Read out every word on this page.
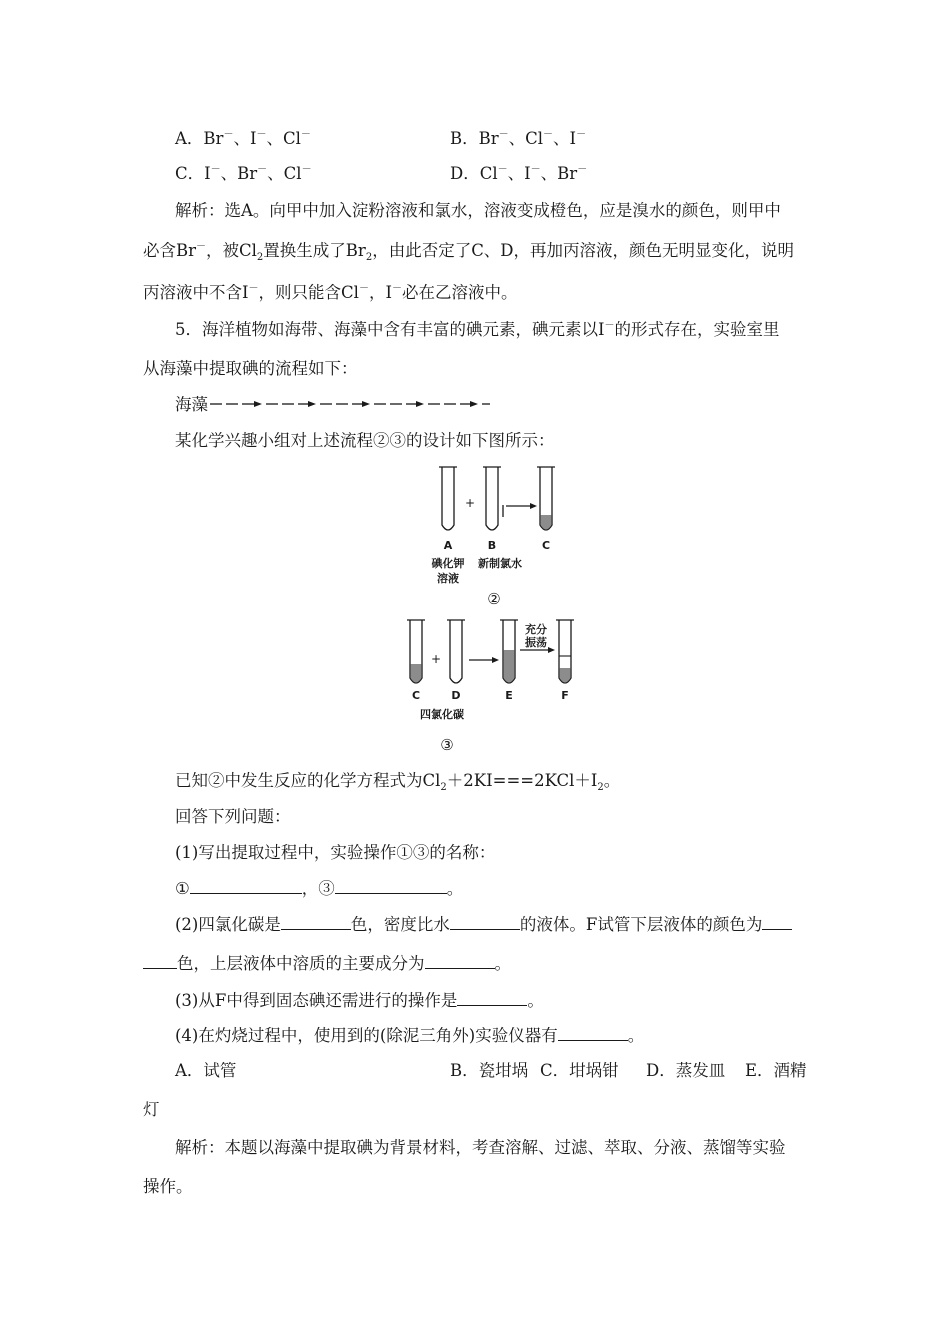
A．Br－、I－、Cl－	B．Br－、Cl－、I－
C．I－、Br－、Cl－	D．Cl－、I－、Br－
解析：选A。向甲中加入淀粉溶液和氯水，溶液变成橙色，应是溴水的颜色，则甲中
必含Br－，被$Cl_2$置换生成了$Br_2$，由此否定了C、D，再加丙溶液，颜色无明显变化，说明
丙溶液中不含I－，则只能含Cl－，I－必在乙溶液中。
5．海洋植物如海带、海藻中含有丰富的碘元素，碘元素以I－的形式存在，实验室里
从海藻中提取碘的流程如下：
海藻
某化学兴趣小组对上述流程②③的设计如下图所示：
+
A	B	C
碘化钾
溶液
新制氯水
②
+
充分
振荡
C	D	E	F
四氯化碳
③
已知②中发生反应的化学方程式为$Cl_2+2KI===2KCl+I_2$。
回答下列问题：
(1)写出提取过程中，实验操作①③的名称：
①	，③	。
(2)四氯化碳是	色，密度比水	的液体。F试管下层液体的颜色为
色，上层液体中溶质的主要成分为	。
(3)从F中得到固态碘还需进行的操作是	。
(4)在灼烧过程中，使用到的(除泥三角外)实验仪器有	。
A．试管	B．瓷坩埚 C．坩埚钳 D．蒸发皿 E．酒精
灯
解析：本题以海藻中提取碘为背景材料，考查溶解、过滤、萃取、分液、蒸馏等实验
操作。
